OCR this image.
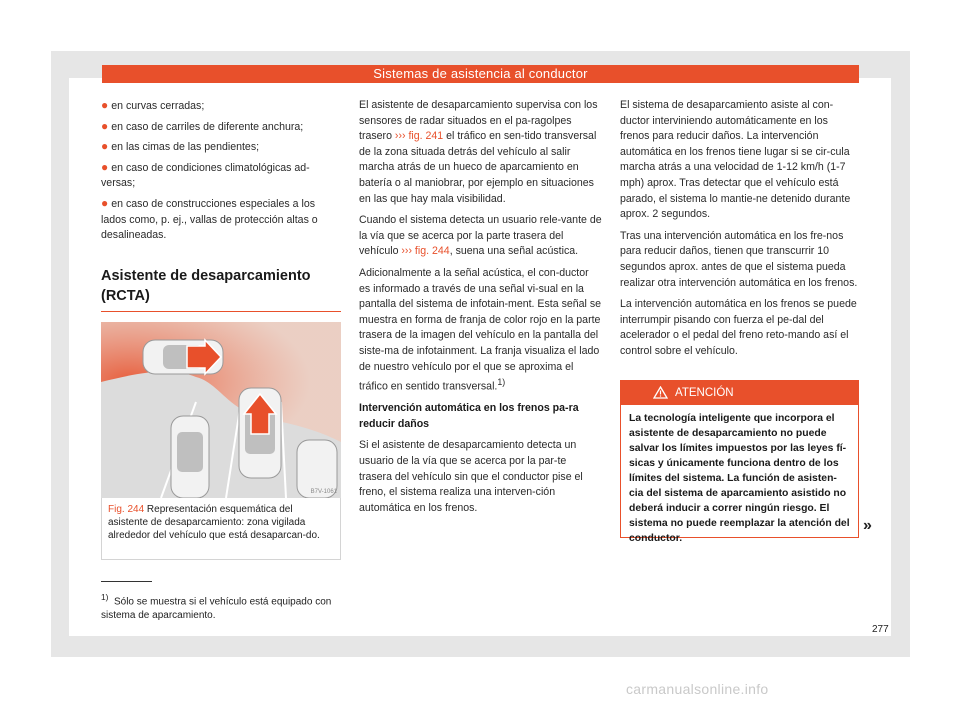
Sistemas de asistencia al conductor
● en curvas cerradas;
● en caso de carriles de diferente anchura;
● en las cimas de las pendientes;
● en caso de condiciones climatológicas ad-versas;
● en caso de construcciones especiales a los lados como, p. ej., vallas de protección altas o desalineadas.
Asistente de desaparcamiento
(RCTA)
B7V-1061
Fig. 244 Representación esquemática del asistente de desaparcamiento: zona vigilada alrededor del vehículo que está desaparcan-do.
$^{1)}$ Sólo se muestra si el vehículo está equipado con sistema de aparcamiento.

El asistente de desaparcamiento supervisa con los sensores de radar situados en el pa-ragolpes trasero ››› fig. 241 el tráfico en sen-tido transversal de la zona situada detrás del vehículo al salir marcha atrás de un hueco de aparcamiento en batería o al maniobrar, por ejemplo en situaciones en las que hay mala visibilidad.

Cuando el sistema detecta un usuario rele-vante de la vía que se acerca por la parte trasera del vehículo ››› fig. 244, suena una señal acústica.

Adicionalmente a la señal acústica, el con-ductor es informado a través de una señal vi-sual en la pantalla del sistema de infotain-ment. Esta señal se muestra en forma de franja de color rojo en la parte trasera de la imagen del vehículo en la pantalla del siste-ma de infotainment. La franja visualiza el lado de nuestro vehículo por el que se aproxima el tráfico en sentido transversal.$^{1)}$

Intervención automática en los frenos pa-ra reducir daños

Si el asistente de desaparcamiento detecta un usuario de la vía que se acerca por la par-te trasera del vehículo sin que el conductor pise el freno, el sistema realiza una interven-ción automática en los frenos.

El sistema de desaparcamiento asiste al con-ductor interviniendo automáticamente en los frenos para reducir daños. La intervención automática en los frenos tiene lugar si se cir-cula marcha atrás a una velocidad de 1-12 km/h (1-7 mph) aprox. Tras detectar que el vehículo está parado, el sistema lo mantie-ne detenido durante aprox. 2 segundos.

Tras una intervención automática en los fre-nos para reducir daños, tienen que transcurrir 10 segundos aprox. antes de que el sistema pueda realizar otra intervención automática en los frenos.

La intervención automática en los frenos se puede interrumpir pisando con fuerza el pe-dal del acelerador o el pedal del freno reto-mando así el control sobre el vehículo.

ATENCIÓN
La tecnología inteligente que incorpora el asistente de desaparcamiento no puede salvar los límites impuestos por las leyes fí-sicas y únicamente funciona dentro de los límites del sistema. La función de asisten-cia del sistema de aparcamiento asistido no deberá inducir a correr ningún riesgo. El sistema no puede reemplazar la atención del conductor.
»
277
carmanualsonline.info
